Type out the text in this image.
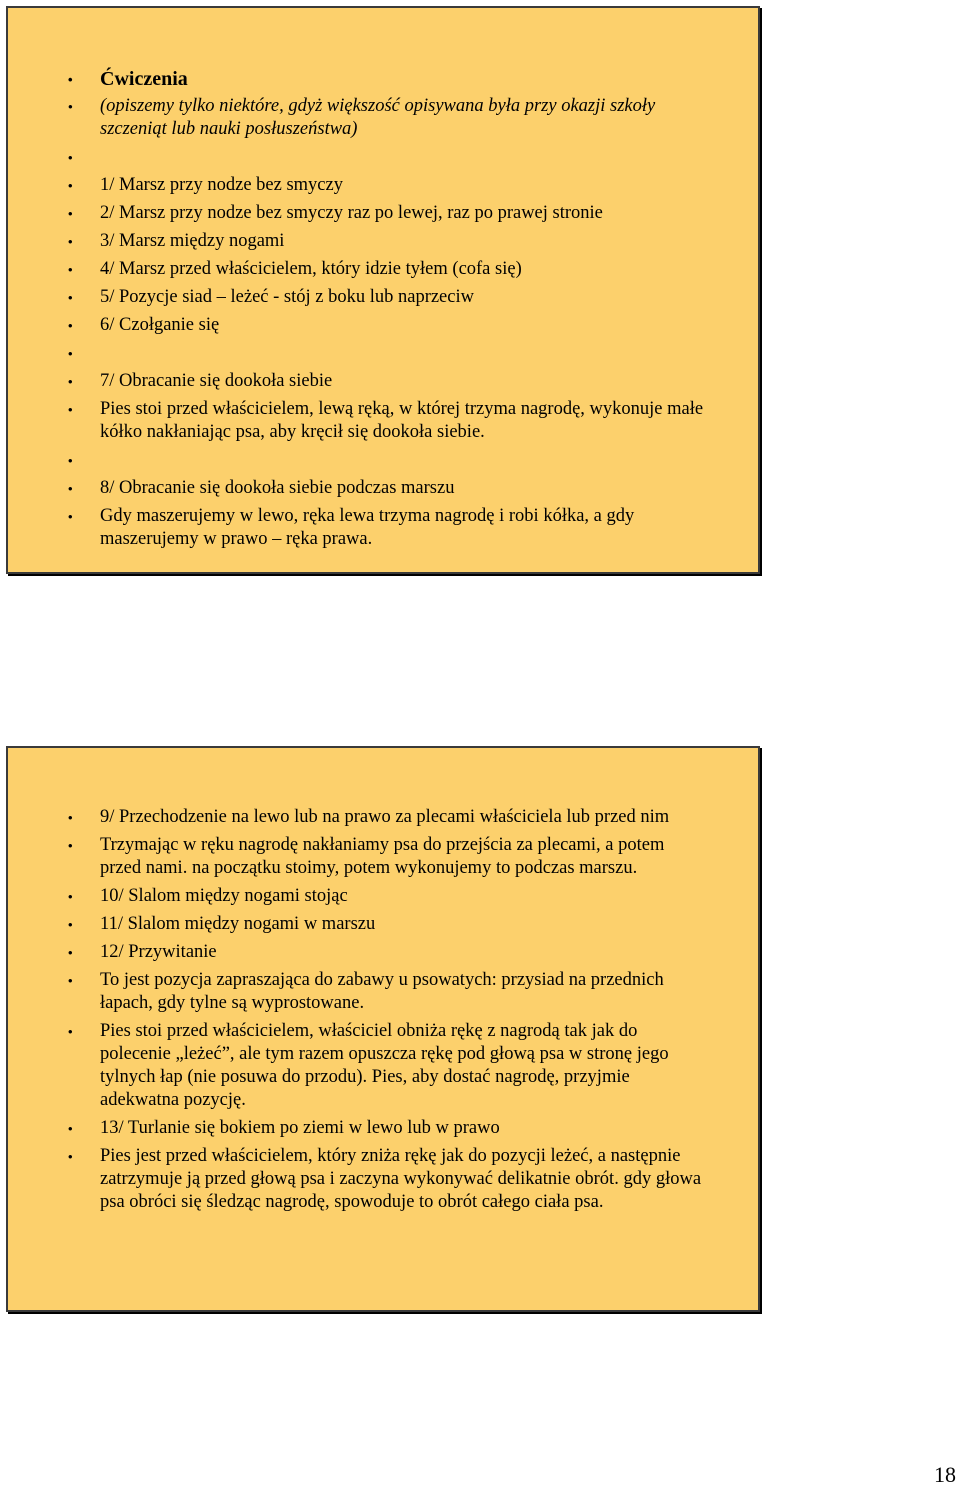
• Ćwiczenia
• (opiszemy tylko niektóre, gdyż większość opisywana była przy okazji szkoły szczeniąt lub nauki posłuszeństwa)
•
• 1/ Marsz przy nodze bez smyczy
• 2/ Marsz przy nodze bez smyczy raz po lewej, raz po prawej stronie
• 3/ Marsz między nogami
• 4/ Marsz przed właścicielem, który idzie tyłem (cofa się)
• 5/ Pozycje siad – leżeć - stój z boku lub naprzeciw
• 6/ Czołganie się
•
• 7/ Obracanie się dookoła siebie
• Pies stoi przed właścicielem, lewą ręką, w której trzyma nagrodę, wykonuje małe kółko nakłaniając psa, aby kręcił się dookoła siebie.
•
• 8/ Obracanie się dookoła siebie podczas marszu
• Gdy maszerujemy w lewo, ręka lewa trzyma nagrodę i robi kółka, a gdy maszerujemy w prawo – ręka prawa.
• 9/ Przechodzenie na lewo lub na prawo za plecami właściciela lub przed nim
• Trzymając w ręku nagrodę nakłaniamy psa do przejścia za plecami, a potem przed nami. na początku stoimy, potem wykonujemy to podczas marszu.
• 10/ Slalom między nogami stojąc
• 11/ Slalom między nogami w marszu
• 12/ Przywitanie
• To jest pozycja zapraszająca do zabawy u psowatych: przysiad na przednich łapach, gdy tylne są wyprostowane.
• Pies stoi przed właścicielem, właściciel obniża rękę z nagrodą tak jak do polecenie „leżeć”, ale tym razem opuszcza rękę pod głową psa w stronę jego tylnych łap (nie posuwa do przodu). Pies, aby dostać nagrodę, przyjmie adekwatna pozycję.
• 13/ Turlanie się bokiem po ziemi w lewo lub w prawo
• Pies jest przed właścicielem, który zniża rękę jak do pozycji leżeć, a następnie zatrzymuje ją przed głową psa i zaczyna wykonywać delikatnie obrót. gdy głowa psa obróci się śledząc nagrodę, spowoduje to obrót całego ciała psa.
18
